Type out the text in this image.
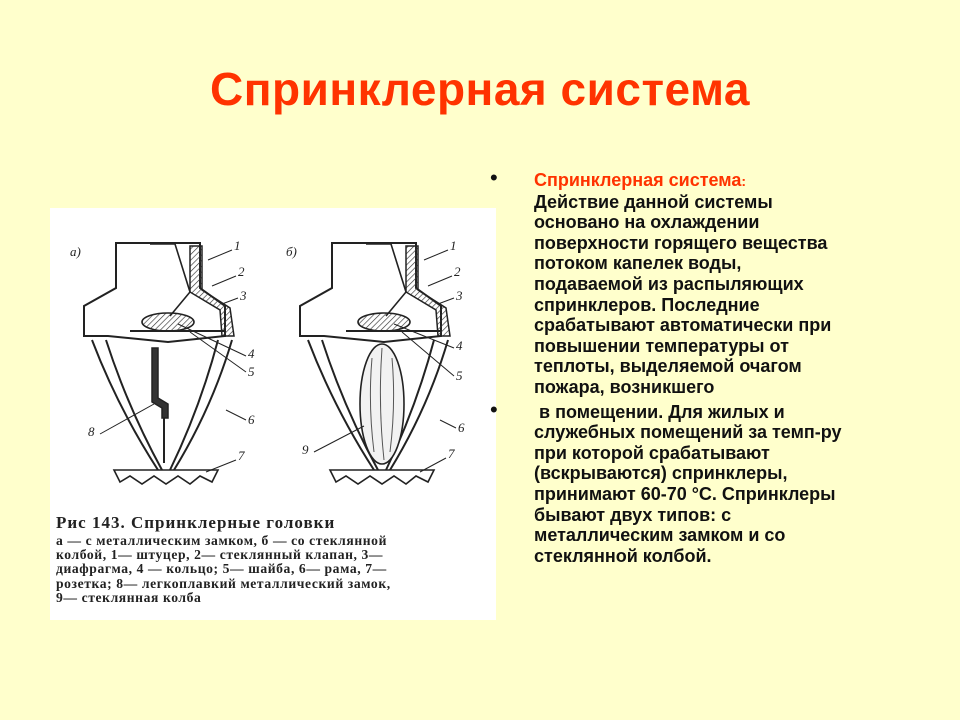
Спринклерная система
а)	1
2
3
4
5
6
7
8
б)	1
2
3
4
5
6
7
9
Рис 143. Спринклерные головки
а — с металлическим замком, б — со стеклянной
колбой, 1— штуцер, 2— стеклянный клапан, 3—
диафрагма, 4 — кольцо; 5— шайба, 6— рама, 7—
розетка; 8— легкоплавкий металлический замок,
9— стеклянная колба
• Спринклерная система:
Действие данной системы
основано на охлаждении
поверхности горящего вещества
потоком капелек воды,
подаваемой из распыляющих
спринклеров. Последние
срабатывают автоматически при
повышении температуры от
теплоты, выделяемой очагом
пожара, возникшего
• в помещении. Для жилых и
служебных помещений за темп-ру
при которой срабатывают
(вскрываются) спринклеры,
принимают 60-70 °С. Спринклеры
бывают двух типов: с
металлическим замком и со
стеклянной колбой.
